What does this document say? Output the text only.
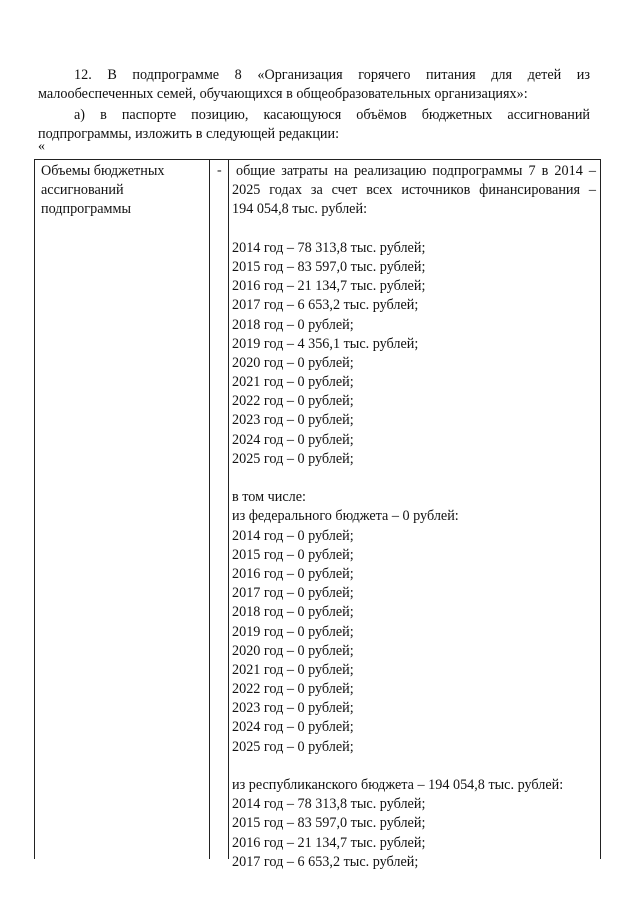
12. В подпрограмме 8 «Организация горячего питания для детей из
малообеспеченных семей, обучающихся в общеобразовательных организациях»:
а) в паспорте позицию, касающуюся объёмов бюджетных ассигнований
подпрограммы, изложить в следующей редакции:
«
Объемы бюджетных
ассигнований
подпрограммы
- общие затраты на реализацию подпрограммы 7 в 2014 –
2025 годах за счет всех источников финансирования –
194 054,8 тыс. рублей:
2014 год – 78 313,8 тыс. рублей;
2015 год – 83 597,0 тыс. рублей;
2016 год – 21 134,7 тыс. рублей;
2017 год – 6 653,2 тыс. рублей;
2018 год – 0 рублей;
2019 год – 4 356,1 тыс. рублей;
2020 год – 0 рублей;
2021 год – 0 рублей;
2022 год – 0 рублей;
2023 год – 0 рублей;
2024 год – 0 рублей;
2025 год – 0 рублей;
в том числе:
из федерального бюджета – 0 рублей:
2014 год – 0 рублей;
2015 год – 0 рублей;
2016 год – 0 рублей;
2017 год – 0 рублей;
2018 год – 0 рублей;
2019 год – 0 рублей;
2020 год – 0 рублей;
2021 год – 0 рублей;
2022 год – 0 рублей;
2023 год – 0 рублей;
2024 год – 0 рублей;
2025 год – 0 рублей;
из республиканского бюджета – 194 054,8 тыс. рублей:
2014 год – 78 313,8 тыс. рублей;
2015 год – 83 597,0 тыс. рублей;
2016 год – 21 134,7 тыс. рублей;
2017 год – 6 653,2 тыс. рублей;
